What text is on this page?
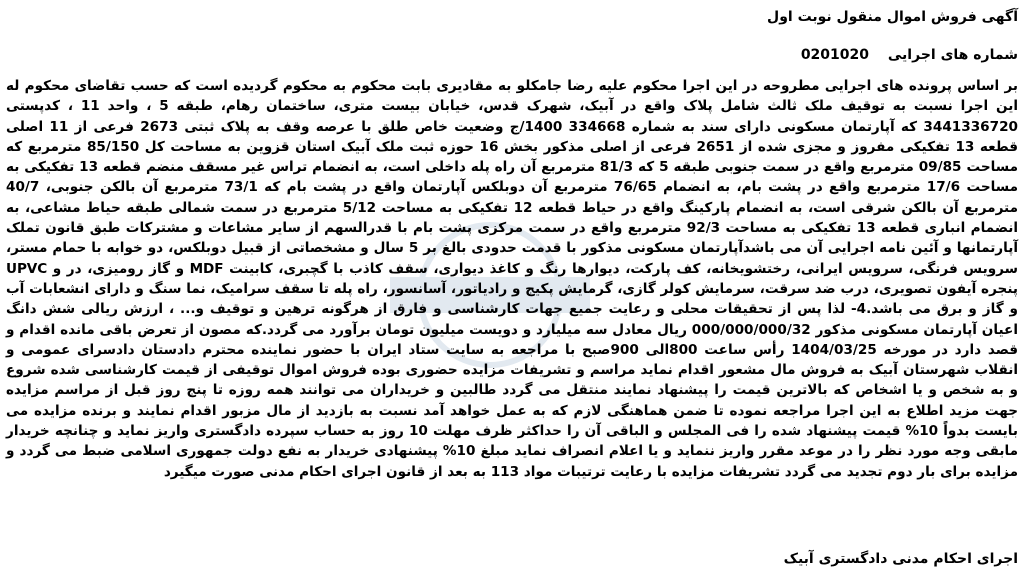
آگهی فروش اموال منقول نوبت اول
شماره های اجرایی 0201020
بر اساس پرونده های اجرایی مطروحه در این اجرا محکوم علیه رضا جامکلو به مقادیری بابت محکوم به محکوم گردیده است که حسب تقاضای محکوم له این اجرا نسبت به توقیف ملک ثالث شامل پلاک واقع در آبیک، شهرک قدس، خیابان بیست متری، ساختمان رهام، طبقه 5 ، واحد 11 ، کدپستی 3441336720 که آپارتمان مسکونی دارای سند به شماره 334668 1400/ج وضعیت خاص طلق با عرصه وقف به پلاک ثبتی 2673 فرعی از 11 اصلی قطعه 13 تفکیکی مفروز و مجزی شده از 2651 فرعی از اصلی مذکور بخش 16 حوزه ثبت ملک آبیک استان قزوین به مساحت کل 85/150 مترمربع که مساحت 09/85 مترمربع واقع در سمت جنوبی طبقه 5 که 81/3 مترمربع آن راه پله داخلی است، به انضمام تراس غیر مسقف منضم قطعه 13 تفکیکی به مساحت 17/6 مترمربع واقع در پشت بام، به انضمام 76/65 مترمربع آن دوبلکس آپارتمان واقع در پشت بام که 73/1 مترمربع آن بالکن جنوبی، 40/7 مترمربع آن بالکن شرقی است، به انضمام پارکینگ واقع در حیاط قطعه 12 تفکیکی به مساحت 5/12 مترمربع در سمت شمالی طبقه حیاط مشاعی، به انضمام انباری قطعه 13 تفکیکی به مساحت 92/3 مترمربع واقع در سمت مرکزی پشت بام با قدرالسهم از سایر مشاعات و مشترکات طبق قانون تملک آپارتمانها و آئین نامه اجرایی آن می باشدآپارتمان مسکونی مذکور با قدمت حدودی بالغ بر 5 سال و مشخصاتی از قبیل دوبلکس، دو خوابه با حمام مستر، سرویس فرنگی، سرویس ایرانی، رختشویخانه، کف پارکت، دیوارها رنگ و کاغذ دیواری، سقف کاذب با گچبری، کابینت MDF و گاز رومیزی، در و UPVC پنجره آیفون تصویری، درب ضد سرقت، سرمایش کولر گازی، گرمایش پکیج و رادیاتور، آسانسور، راه پله تا سقف سرامیک، نما سنگ و دارای انشعابات آب و گاز و برق می باشد.4- لذا پس از تحقیقات محلی و رعایت جمیع جهات کارشناسی و فارق از هرگونه ترهین و توقیف و... ، ارزش ریالی شش دانگ اعیان آپارتمان مسکونی مذکور 000/000/000/32 ریال معادل سه میلیارد و دویست میلیون تومان برآورد می گردد.که مصون از تعرض باقی مانده اقدام و قصد دارد در مورخه 1404/03/25 رأس ساعت 800الی 900صبح با مراجعه به سایت ستاد ایران با حضور نماینده محترم دادستان دادسرای عمومی و انقلاب شهرستان آبیک به فروش مال مشعور اقدام نماید مراسم و تشریفات مزایده حضوری بوده فروش اموال توقیفی از قیمت کارشناسی شده شروع و به شخص و یا اشخاص که بالاترین قیمت را پیشنهاد نمایند منتقل می گردد طالبین و خریداران می توانند همه روزه تا پنج روز قبل از مراسم مزایده جهت مزید اطلاع به این اجرا مراجعه نموده تا ضمن هماهنگی لازم که به عمل خواهد آمد نسبت به بازدید از مال مزبور اقدام نمایند و برنده مزایده می بایست بدواً 10% قیمت پیشنهاد شده را فی المجلس و الباقی آن را حداکثر ظرف مهلت 10 روز به حساب سپرده دادگستری واریز نماید و چنانچه خریدار مابقی وجه مورد نظر را در موعد مقرر واریز ننماید و یا اعلام انصراف نماید مبلغ 10% پیشنهادی خریدار به نفع دولت جمهوری اسلامی ضبط می گردد و مزایده برای بار دوم تجدید می گردد تشریفات مزایده با رعایت ترتیبات مواد 113 به بعد از قانون اجرای احکام مدنی صورت میگیرد
اجرای احکام مدنی دادگستری آبیک
